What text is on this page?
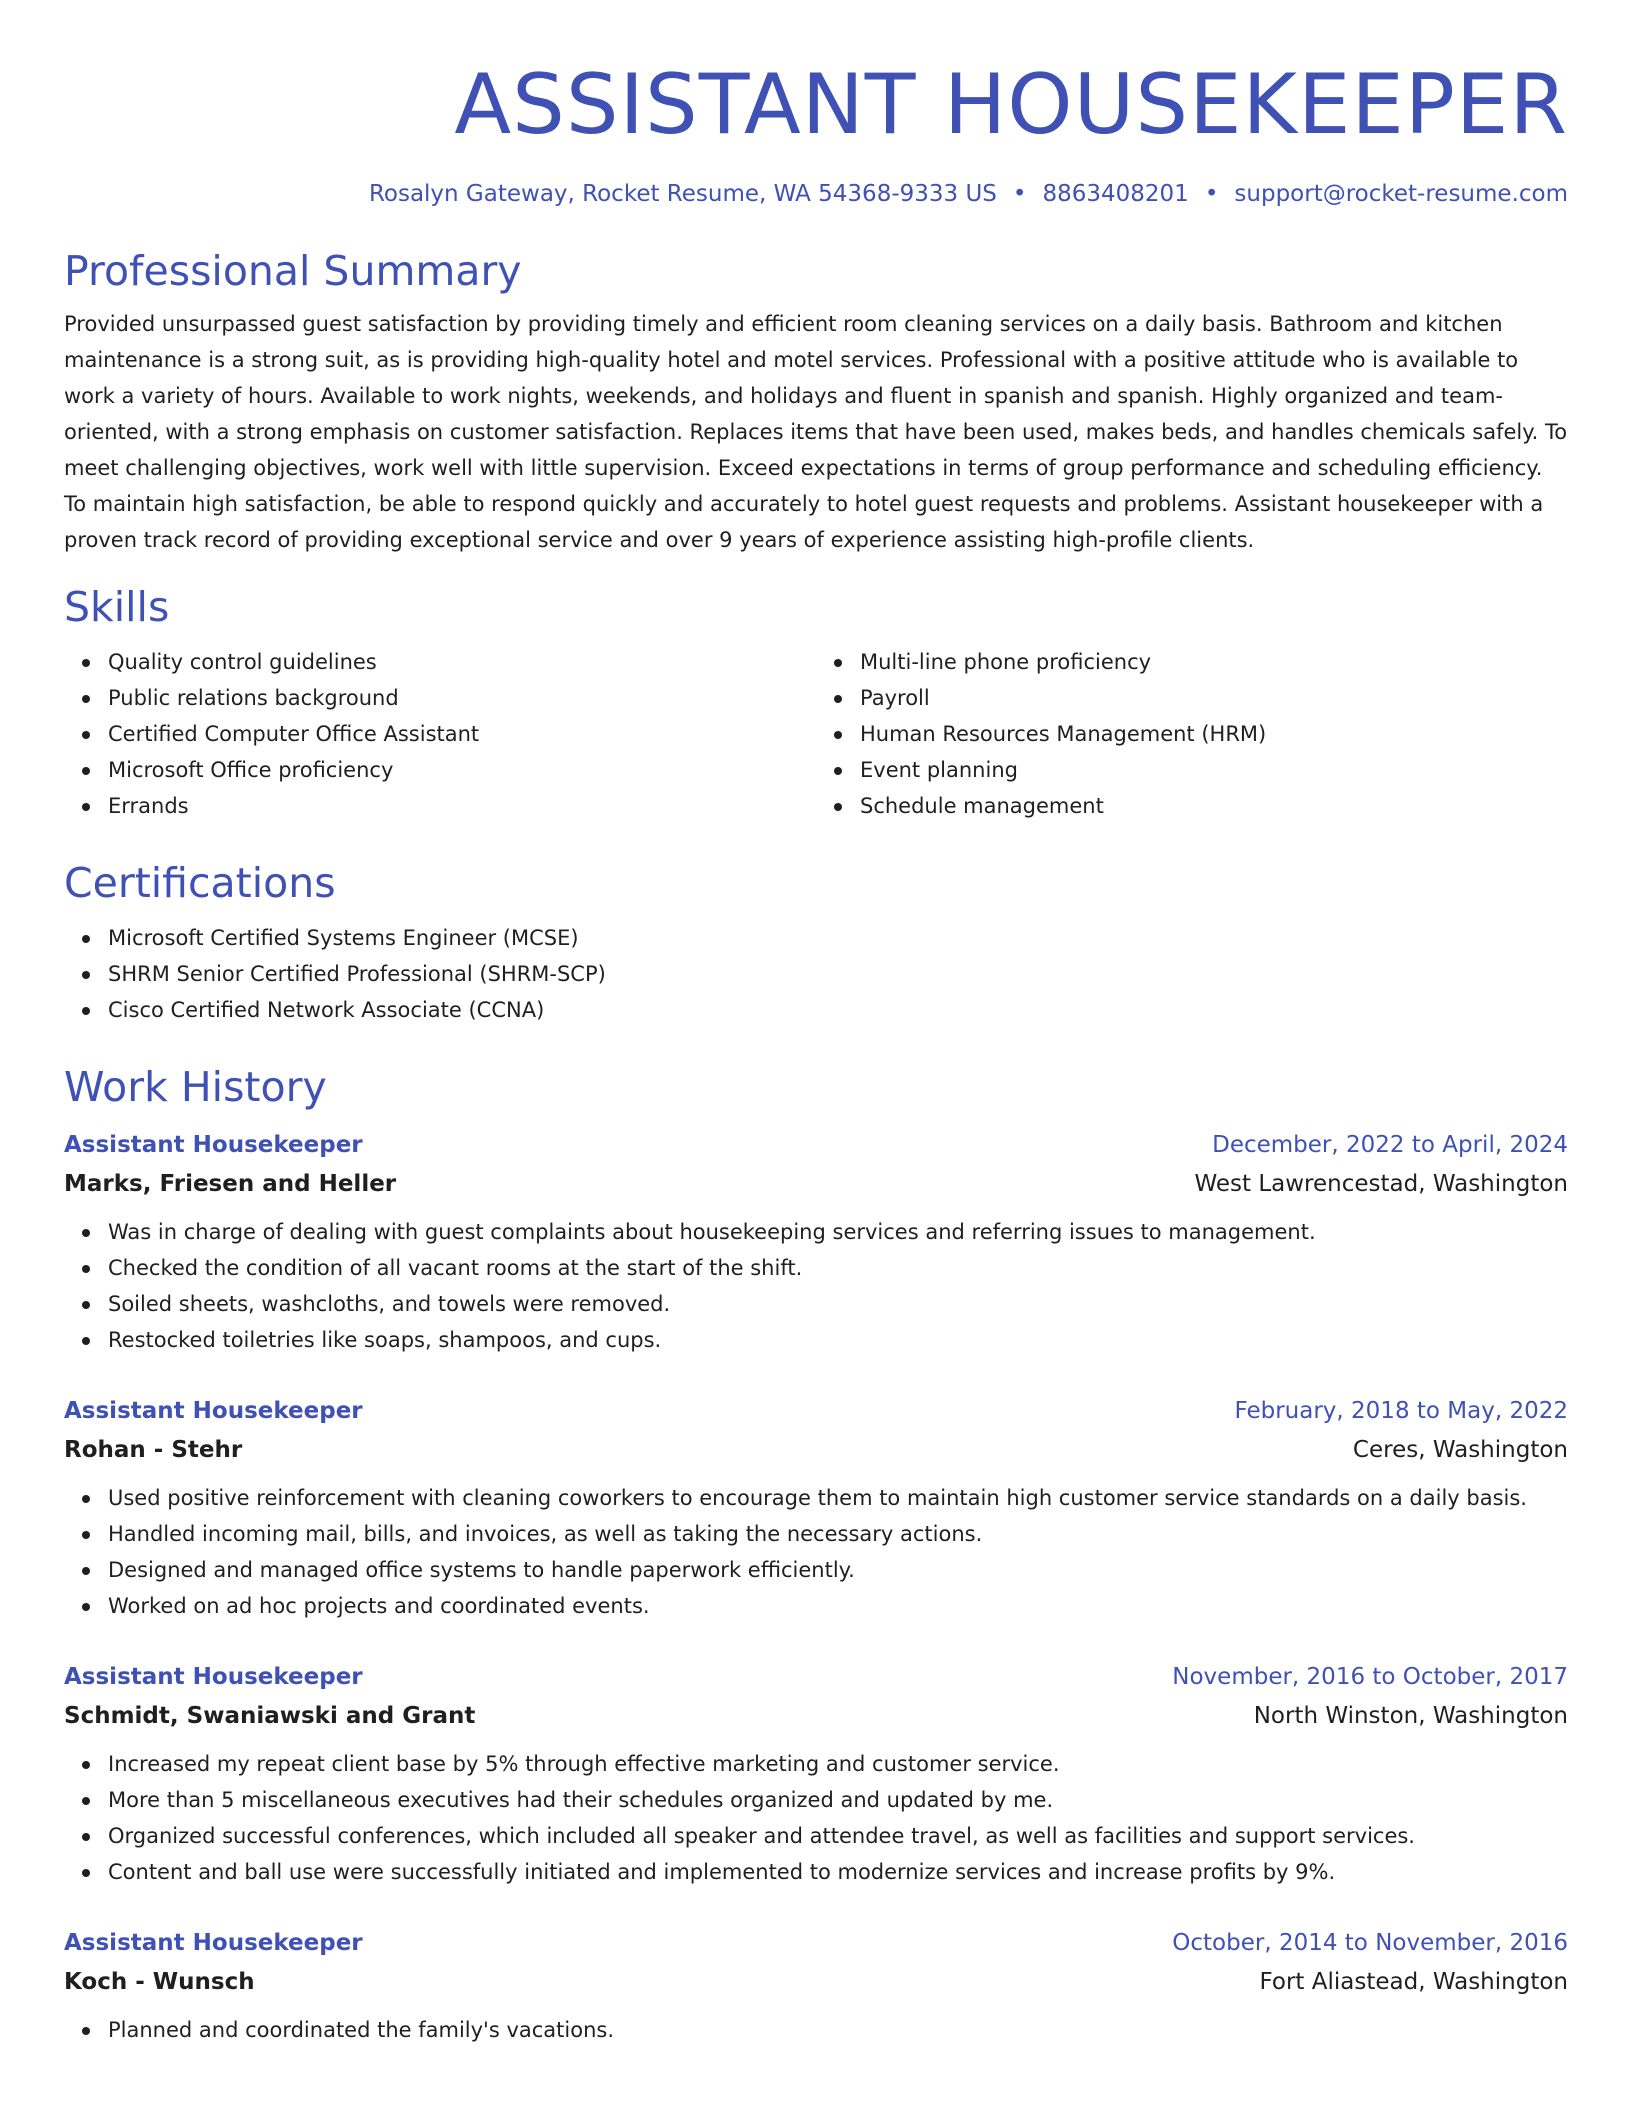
ASSISTANT HOUSEKEEPER
Rosalyn Gateway, Rocket Resume, WA 54368-9333 US • 8863408201 • support@rocket-resume.com
Professional Summary
Provided unsurpassed guest satisfaction by providing timely and efficient room cleaning services on a daily basis. Bathroom and kitchen maintenance is a strong suit, as is providing high-quality hotel and motel services. Professional with a positive attitude who is available to work a variety of hours. Available to work nights, weekends, and holidays and fluent in spanish and spanish. Highly organized and team-oriented, with a strong emphasis on customer satisfaction. Replaces items that have been used, makes beds, and handles chemicals safely. To meet challenging objectives, work well with little supervision. Exceed expectations in terms of group performance and scheduling efficiency. To maintain high satisfaction, be able to respond quickly and accurately to hotel guest requests and problems. Assistant housekeeper with a proven track record of providing exceptional service and over 9 years of experience assisting high-profile clients.
Skills
Quality control guidelines
Public relations background
Certified Computer Office Assistant
Microsoft Office proficiency
Errands
Multi-line phone proficiency
Payroll
Human Resources Management (HRM)
Event planning
Schedule management
Certifications
Microsoft Certified Systems Engineer (MCSE)
SHRM Senior Certified Professional (SHRM-SCP)
Cisco Certified Network Associate (CCNA)
Work History
Assistant Housekeeper	December, 2022 to April, 2024
Marks, Friesen and Heller	West Lawrencestad, Washington
Was in charge of dealing with guest complaints about housekeeping services and referring issues to management.
Checked the condition of all vacant rooms at the start of the shift.
Soiled sheets, washcloths, and towels were removed.
Restocked toiletries like soaps, shampoos, and cups.
Assistant Housekeeper	February, 2018 to May, 2022
Rohan - Stehr	Ceres, Washington
Used positive reinforcement with cleaning coworkers to encourage them to maintain high customer service standards on a daily basis.
Handled incoming mail, bills, and invoices, as well as taking the necessary actions.
Designed and managed office systems to handle paperwork efficiently.
Worked on ad hoc projects and coordinated events.
Assistant Housekeeper	November, 2016 to October, 2017
Schmidt, Swaniawski and Grant	North Winston, Washington
Increased my repeat client base by 5% through effective marketing and customer service.
More than 5 miscellaneous executives had their schedules organized and updated by me.
Organized successful conferences, which included all speaker and attendee travel, as well as facilities and support services.
Content and ball use were successfully initiated and implemented to modernize services and increase profits by 9%.
Assistant Housekeeper	October, 2014 to November, 2016
Koch - Wunsch	Fort Aliastead, Washington
Planned and coordinated the family's vacations.
